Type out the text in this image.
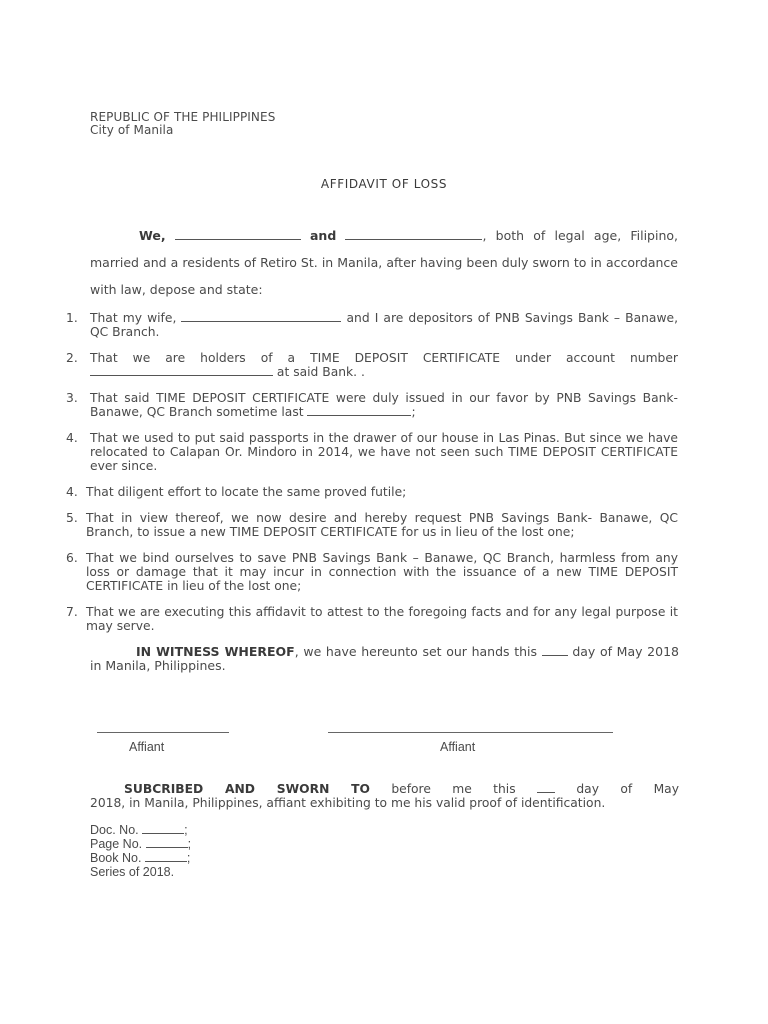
REPUBLIC OF THE PHILIPPINES
City of Manila
AFFIDAVIT OF LOSS
We,	and	, both of legal age, Filipino, married and a residents of Retiro St. in Manila, after having been duly sworn to in accordance with law, depose and state:
1. That my wife,	and I are depositors of PNB Savings Bank – Banawe, QC Branch.
2. That we are holders of a TIME DEPOSIT CERTIFICATE under account number  at said Bank. .
3. That said TIME DEPOSIT CERTIFICATE were duly issued in our favor by PNB Savings Bank- Banawe, QC Branch sometime last	;
4. That we used to put said passports in the drawer of our house in Las Pinas. But since we have relocated to Calapan Or. Mindoro in 2014, we have not seen such TIME DEPOSIT CERTIFICATE ever since.
4. That diligent effort to locate the same proved futile;
5. That in view thereof, we now desire and hereby request PNB Savings Bank- Banawe, QC Branch, to issue a new TIME DEPOSIT CERTIFICATE for us in lieu of the lost one;
6. That we bind ourselves to save PNB Savings Bank – Banawe, QC Branch, harmless from any loss or damage that it may incur in connection with the issuance of a new TIME DEPOSIT CERTIFICATE in lieu of the lost one;
7. That we are executing this affidavit to attest to the foregoing facts and for any legal purpose it may serve.
IN WITNESS WHEREOF, we have hereunto set our hands this	day of May 2018 in Manila, Philippines.
Affiant	Affiant
SUBCRIBED AND SWORN TO before me this	day of May
2018, in Manila, Philippines, affiant exhibiting to me his valid proof of identification.
Doc. No.	;
Page No.	;
Book No.	;
Series of 2018.
